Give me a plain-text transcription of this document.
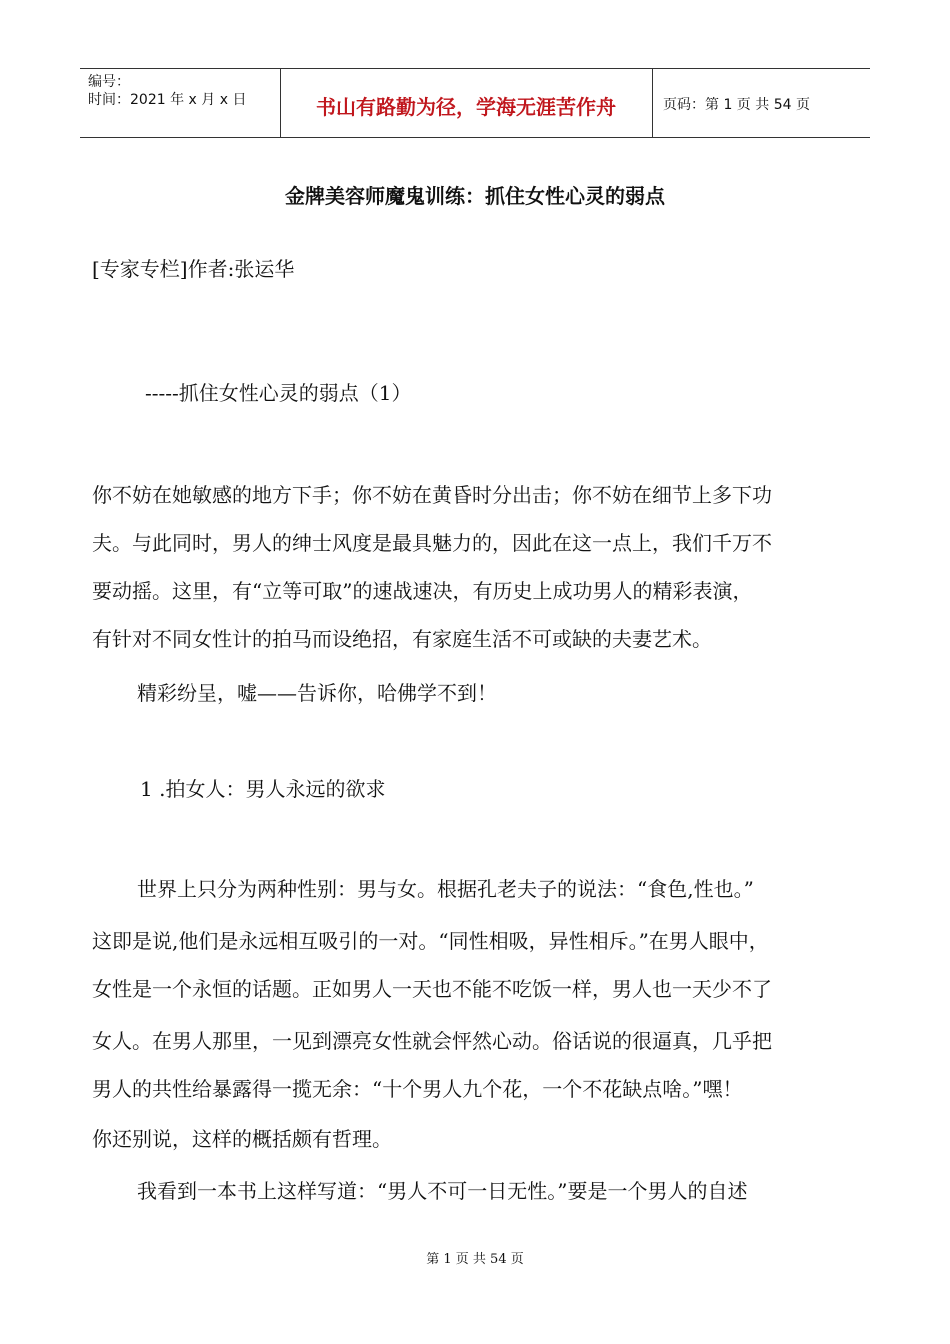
编号：
时间：2021 年 x 月 x 日	书山有路勤为径，学海无涯苦作舟	页码：第 1 页 共 54 页
金牌美容师魔鬼训练：抓住女性心灵的弱点
[专家专栏]作者:张运华
-----抓住女性心灵的弱点（1）
你不妨在她敏感的地方下手；你不妨在黄昏时分出击；你不妨在细节上多下功
夫。与此同时，男人的绅士风度是最具魅力的，因此在这一点上，我们千万不
要动摇。这里，有“立等可取”的速战速决，有历史上成功男人的精彩表演，
有针对不同女性计的拍马而设绝招，有家庭生活不可或缺的夫妻艺术。
精彩纷呈，嘘——告诉你，哈佛学不到！
1 .拍女人：男人永远的欲求
世界上只分为两种性别：男与女。根据孔老夫子的说法：“食色,性也。”
这即是说,他们是永远相互吸引的一对。“同性相吸，异性相斥。”在男人眼中，
女性是一个永恒的话题。正如男人一天也不能不吃饭一样，男人也一天少不了
女人。在男人那里，一见到漂亮女性就会怦然心动。俗话说的很逼真，几乎把
男人的共性给暴露得一揽无余：“十个男人九个花，一个不花缺点啥。”嘿！
你还别说，这样的概括颇有哲理。
我看到一本书上这样写道：“男人不可一日无性。”要是一个男人的自述
第 1 页 共 54 页
